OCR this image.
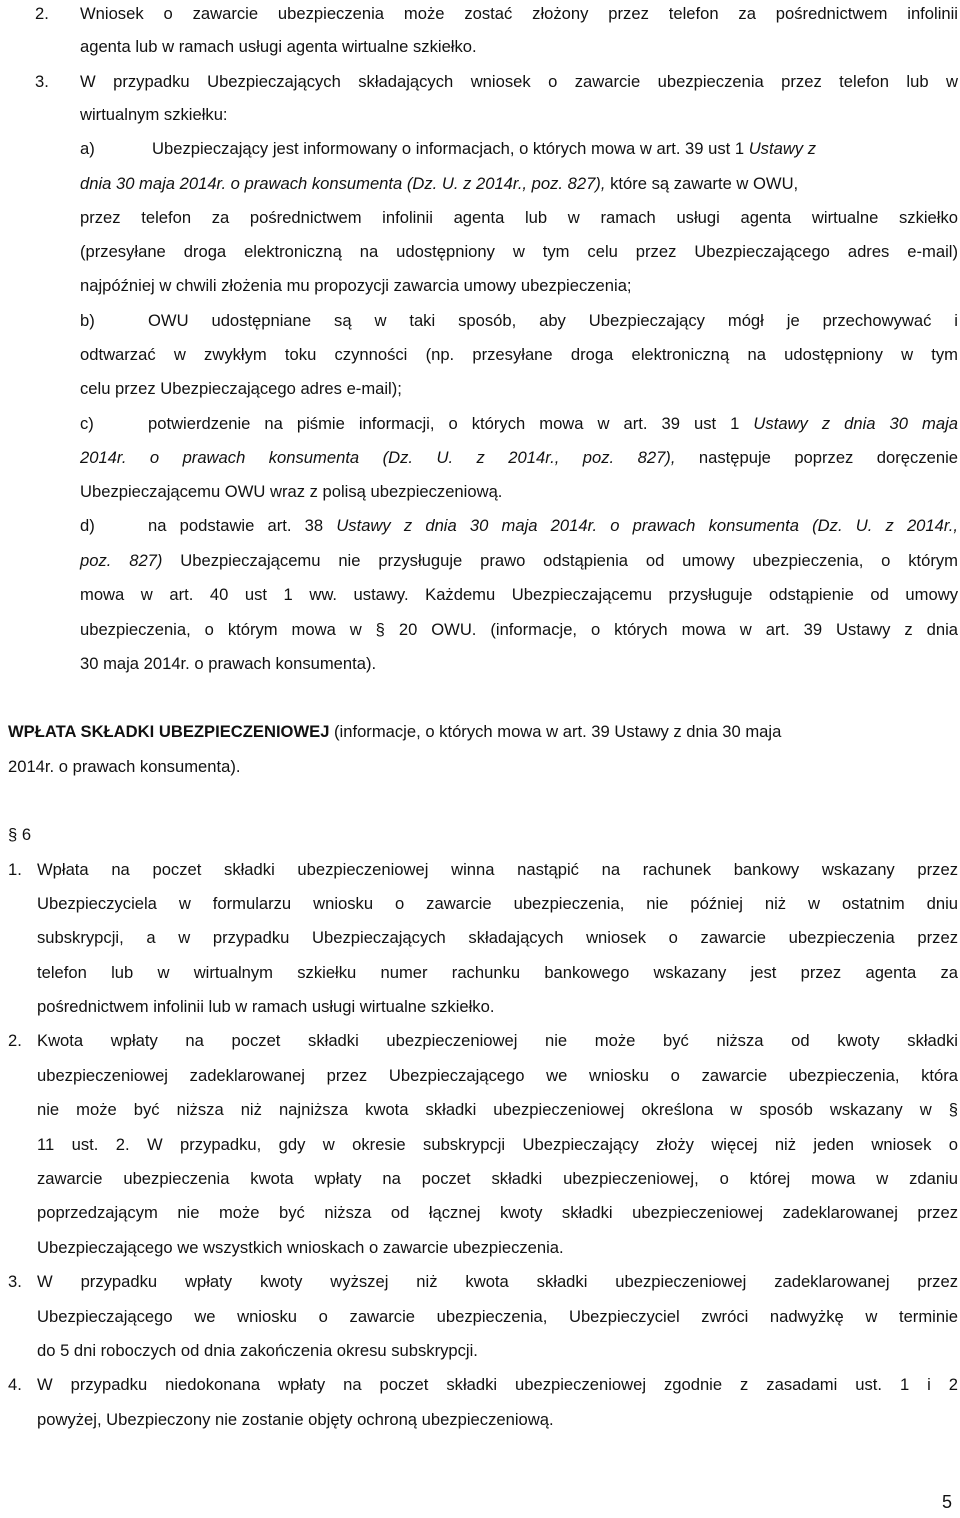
2. Wniosek o zawarcie ubezpieczenia może zostać złożony przez telefon za pośrednictwem infolinii
agenta lub w ramach usługi agenta wirtualne szkiełko.
3. W przypadku Ubezpieczających składających wniosek o zawarcie ubezpieczenia przez telefon lub w
wirtualnym szkiełku:
a)	Ubezpieczający jest informowany o informacjach, o których mowa w art. 39 ust 1 Ustawy z
dnia 30 maja 2014r. o prawach konsumenta (Dz. U. z 2014r., poz. 827), które są zawarte w OWU,
przez telefon za pośrednictwem infolinii agenta lub w ramach usługi agenta wirtualne szkiełko
(przesyłane droga elektroniczną na udostępniony w tym celu przez Ubezpieczającego adres e-mail)
najpóźniej w chwili złożenia mu propozycji zawarcia umowy ubezpieczenia;
b)	OWU udostępniane są w taki sposób, aby Ubezpieczający mógł je przechowywać i
odtwarzać w zwykłym toku czynności (np. przesyłane droga elektroniczną na udostępniony w tym
celu przez Ubezpieczającego adres e-mail);
c)	potwierdzenie na piśmie informacji, o których mowa w art. 39 ust 1 Ustawy z dnia 30 maja
2014r. o prawach konsumenta (Dz. U. z 2014r., poz. 827), następuje poprzez doręczenie
Ubezpieczającemu OWU wraz z polisą ubezpieczeniową.
d)	na podstawie art. 38 Ustawy z dnia 30 maja 2014r. o prawach konsumenta (Dz. U. z 2014r.,
poz. 827) Ubezpieczającemu nie przysługuje prawo odstąpienia od umowy ubezpieczenia, o którym
mowa w art. 40 ust 1 ww. ustawy. Każdemu Ubezpieczającemu przysługuje odstąpienie od umowy
ubezpieczenia, o którym mowa w § 20 OWU. (informacje, o których mowa w art. 39 Ustawy z dnia
30 maja 2014r. o prawach konsumenta).
WPŁATA SKŁADKI UBEZPIECZENIOWEJ (informacje, o których mowa w art. 39 Ustawy z dnia 30 maja
2014r. o prawach konsumenta).
§ 6
1. Wpłata na poczet składki ubezpieczeniowej winna nastąpić na rachunek bankowy wskazany przez
Ubezpieczyciela w formularzu wniosku o zawarcie ubezpieczenia, nie później niż w ostatnim dniu
subskrypcji, a w przypadku Ubezpieczających składających wniosek o zawarcie ubezpieczenia przez
telefon lub w wirtualnym szkiełku numer rachunku bankowego wskazany jest przez agenta za
pośrednictwem infolinii lub w ramach usługi wirtualne szkiełko.
2. Kwota wpłaty na poczet składki ubezpieczeniowej nie może być niższa od kwoty składki
ubezpieczeniowej zadeklarowanej przez Ubezpieczającego we wniosku o zawarcie ubezpieczenia, która
nie może być niższa niż najniższa kwota składki ubezpieczeniowej określona w sposób wskazany w §
11 ust. 2. W przypadku, gdy w okresie subskrypcji Ubezpieczający złoży więcej niż jeden wniosek o
zawarcie ubezpieczenia kwota wpłaty na poczet składki ubezpieczeniowej, o której mowa w zdaniu
poprzedzającym nie może być niższa od łącznej kwoty składki ubezpieczeniowej zadeklarowanej przez
Ubezpieczającego we wszystkich wnioskach o zawarcie ubezpieczenia.
3. W przypadku wpłaty kwoty wyższej niż kwota składki ubezpieczeniowej zadeklarowanej przez
Ubezpieczającego we wniosku o zawarcie ubezpieczenia, Ubezpieczyciel zwróci nadwyżkę w terminie
do 5 dni roboczych od dnia zakończenia okresu subskrypcji.
4. W przypadku niedokonana wpłaty na poczet składki ubezpieczeniowej zgodnie z zasadami ust. 1 i 2
powyżej, Ubezpieczony nie zostanie objęty ochroną ubezpieczeniową.
5
